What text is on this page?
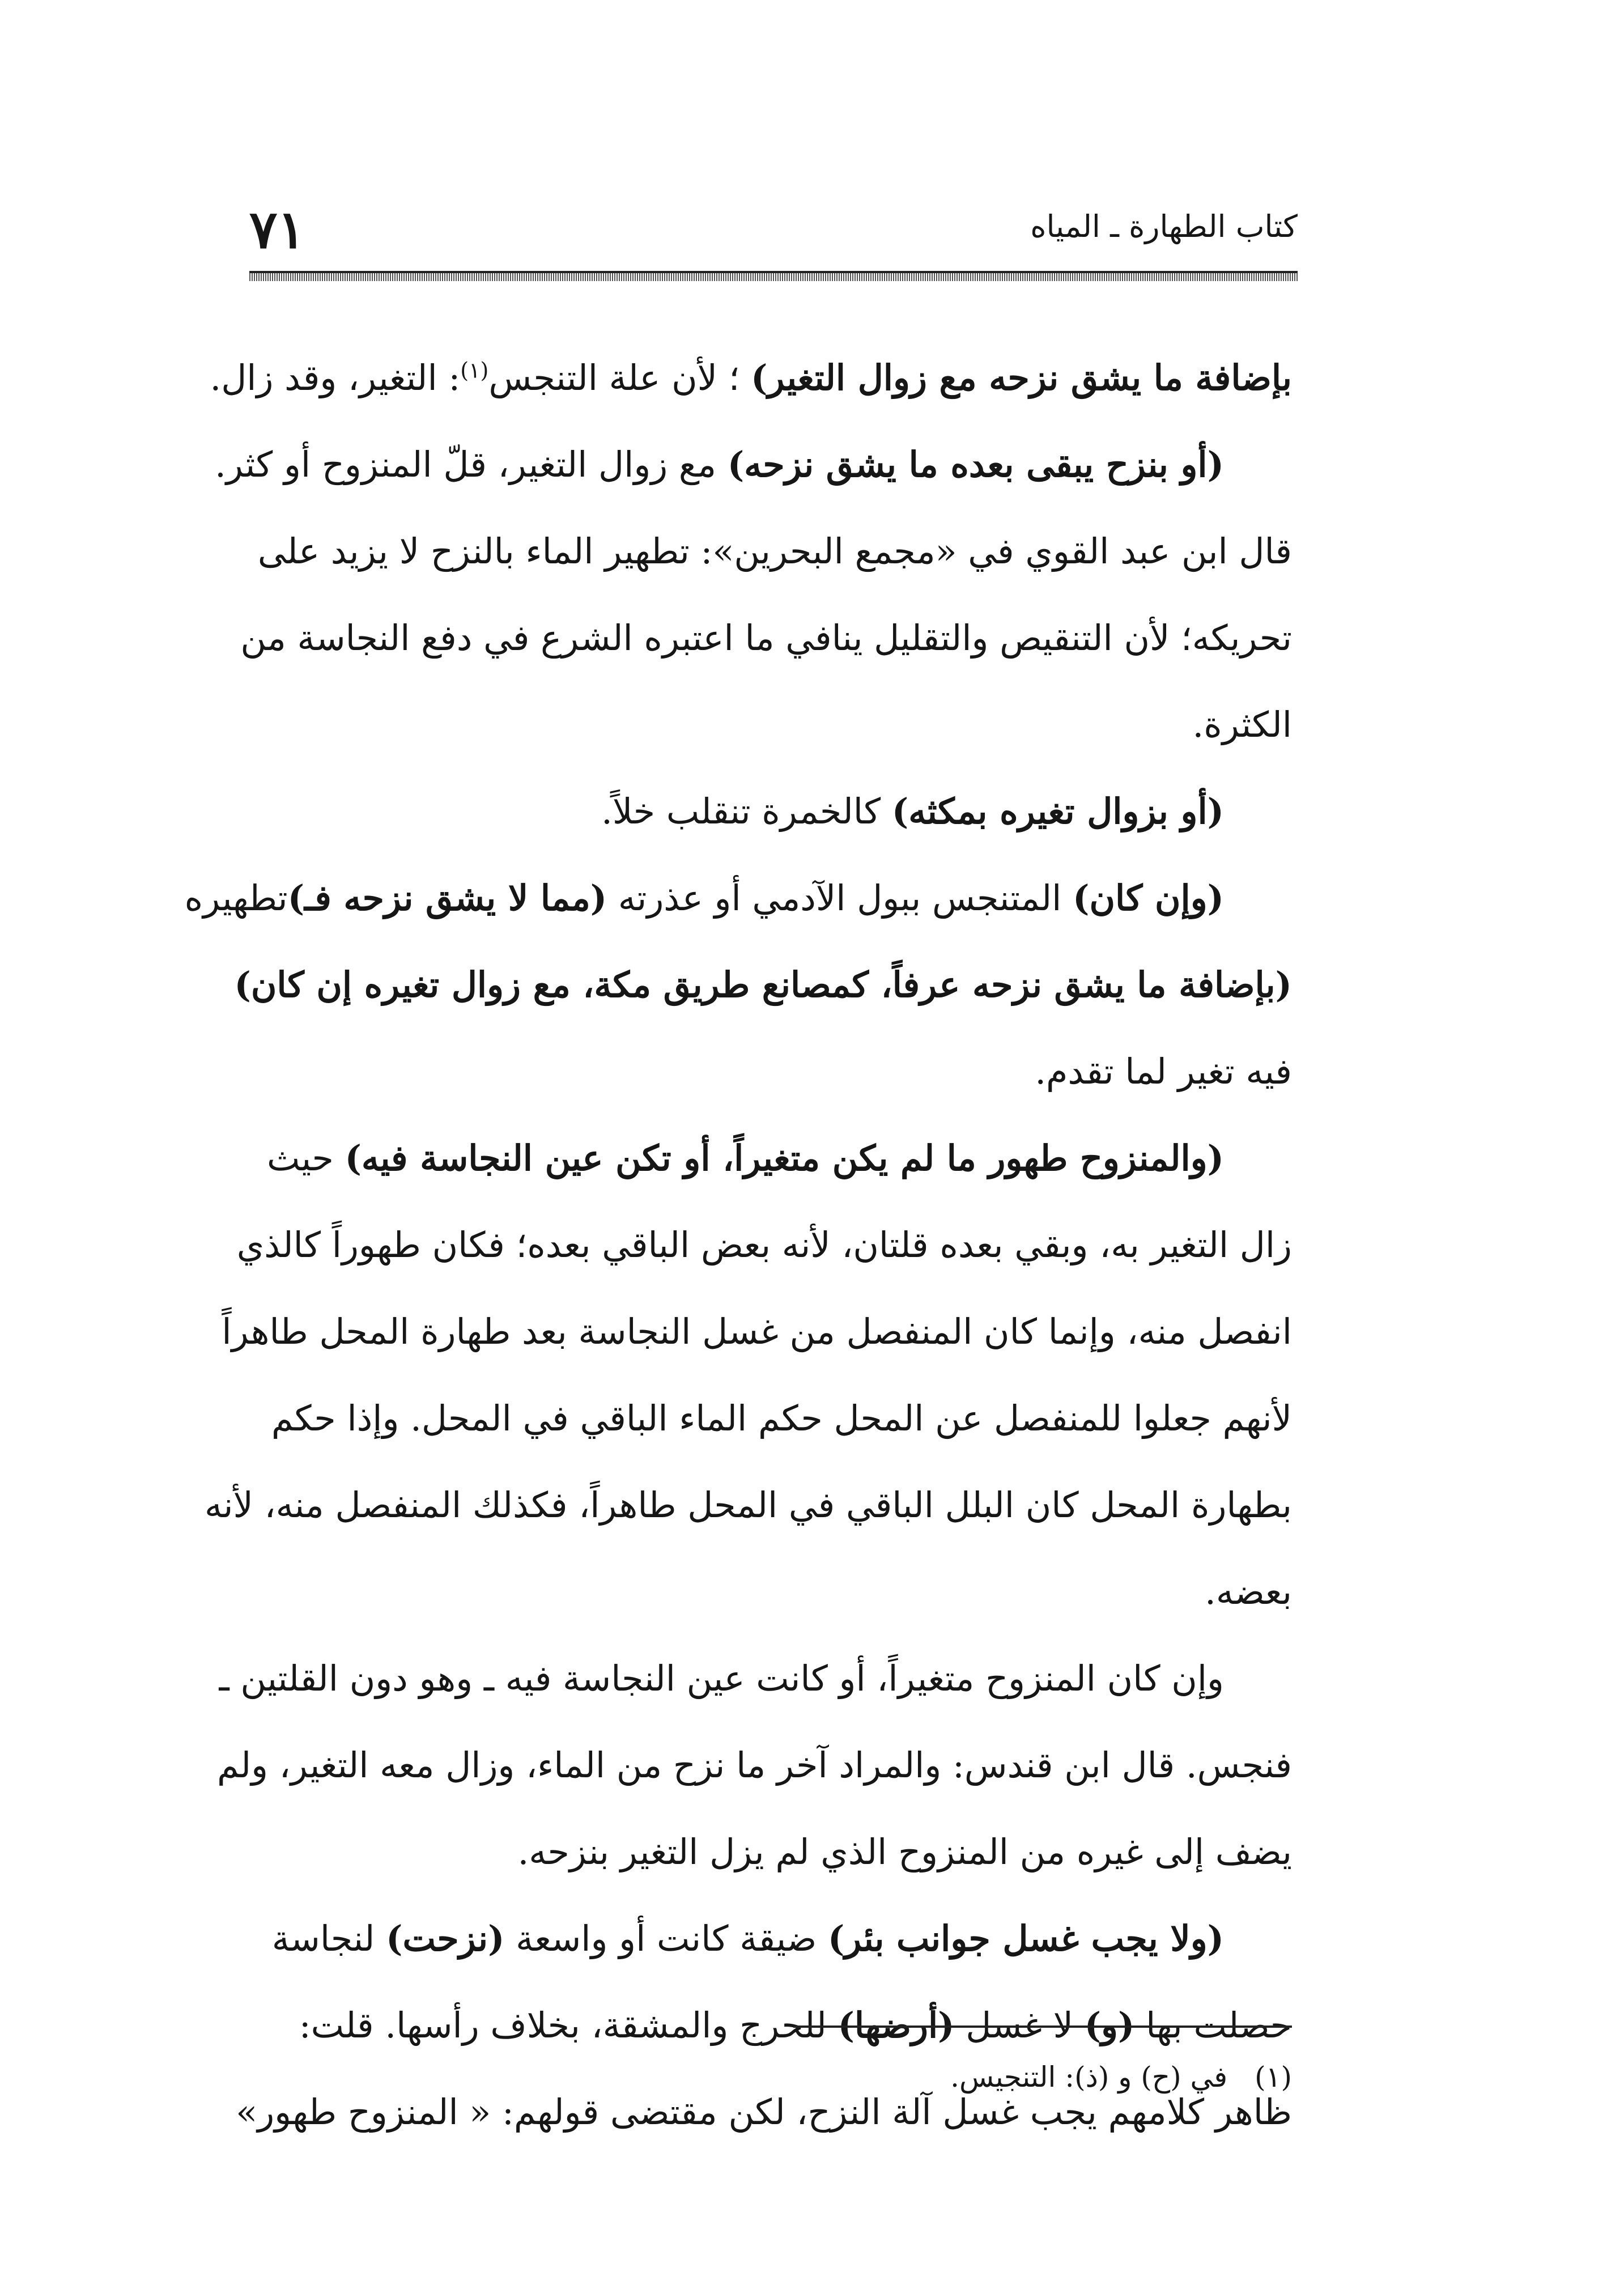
٧١	كتاب الطهارة ـ المياه
بإضافة ما يشق نزحه مع زوال التغير) ؛ لأن علة التنجس$^{(١)}$: التغير، وقد زال.
(أو بنزح يبقى بعده ما يشق نزحه) مع زوال التغير، قلّ المنزوح أو كثر.
قال ابن عبد القوي في «مجمع البحرين»: تطهير الماء بالنزح لا يزيد على
تحريكه؛ لأن التنقيص والتقليل ينافي ما اعتبره الشرع في دفع النجاسة من
الكثرة.
(أو بزوال تغيره بمكثه) كالخمرة تنقلب خلاً.
(وإن كان) المتنجس ببول الآدمي أو عذرته (مما لا يشق نزحه فـ)تطهيره
(بإضافة ما يشق نزحه عرفاً، كمصانع طريق مكة، مع زوال تغيره إن كان)
فيه تغير لما تقدم.
(والمنزوح طهور ما لم يكن متغيراً، أو تكن عين النجاسة فيه) حيث
زال التغير به، وبقي بعده قلتان، لأنه بعض الباقي بعده؛ فكان طهوراً كالذي
انفصل منه، وإنما كان المنفصل من غسل النجاسة بعد طهارة المحل طاهراً
لأنهم جعلوا للمنفصل عن المحل حكم الماء الباقي في المحل. وإذا حكم
بطهارة المحل كان البلل الباقي في المحل طاهراً، فكذلك المنفصل منه، لأنه
بعضه.
وإن كان المنزوح متغيراً، أو كانت عين النجاسة فيه ـ وهو دون القلتين ـ
فنجس. قال ابن قندس: والمراد آخر ما نزح من الماء، وزال معه التغير، ولم
يضف إلى غيره من المنزوح الذي لم يزل التغير بنزحه.
(ولا يجب غسل جوانب بئر) ضيقة كانت أو واسعة (نزحت) لنجاسة
حصلت بها (و) لا غسل (أرضها) للحرج والمشقة، بخلاف رأسها. قلت:
ظاهر كلامهم يجب غسل آلة النزح، لكن مقتضى قولهم: « المنزوح طهور»
(١)في (ح) و (ذ): التنجيس.
